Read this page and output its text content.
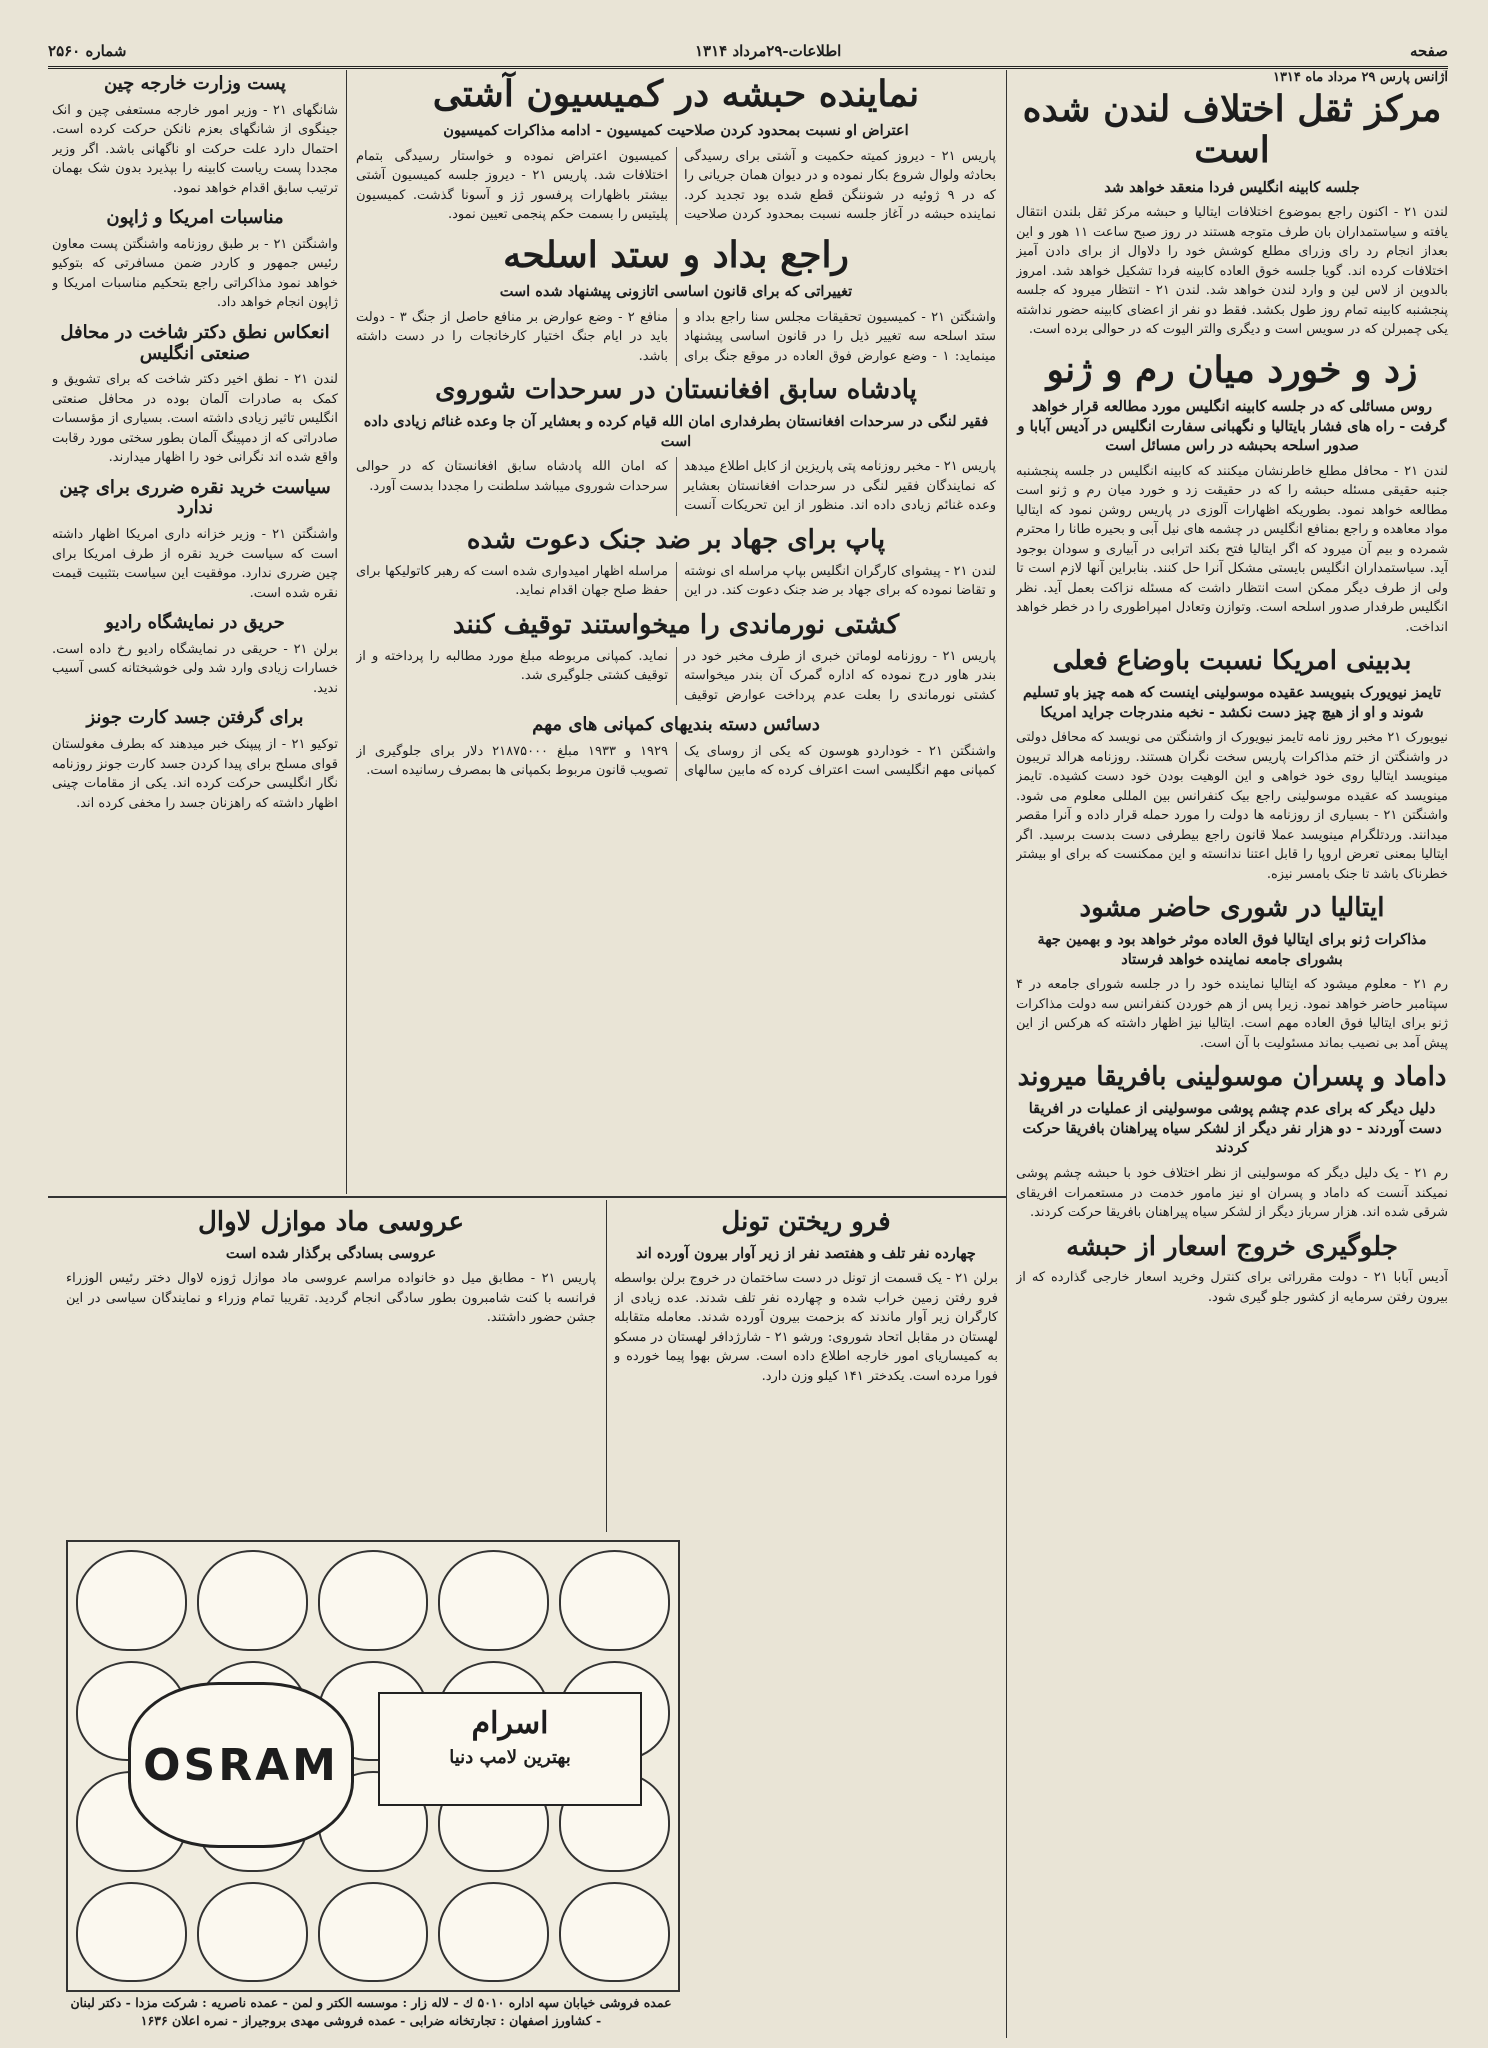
صفحه
اطلاعات-۲۹مرداد ۱۳۱۴
شماره ۲۵۶۰
آژانس پارس ۲۹ مرداد ماه ۱۳۱۴
مرکز ثقل اختلاف لندن شده است
جلسه کابینه انگلیس فردا منعقد خواهد شد

لندن ۲۱ - اکنون راجع بموضوع اختلافات ایتالیا و حبشه مرکز ثقل بلندن انتقال یافته و سیاستمداران بان طرف متوجه هستند در روز صبح ساعت ۱۱ هور و این بعداز انجام رد رای وزرای مطلع کوشش خود را دلاوال از برای دادن آمیز اختلافات کرده اند. گویا جلسه خوق العاده کابینه فردا تشکیل خواهد شد. امروز بالدوین از لاس لین و وارد لندن خواهد شد. لندن ۲۱ - انتظار میرود که جلسه پنجشنبه کابینه تمام روز طول بکشد. فقط دو نفر از اعضای کابینه حضور نداشته یکی چمبرلن که در سویس است و دیگری والتر الیوت که در حوالی برده است.

زد و خورد میان رم و ژنو
روس مسائلی که در جلسه کابینه انگلیس مورد مطالعه قرار خواهد گرفت - راه های فشار بایتالیا و نگهبانی سفارت انگلیس در آدیس آبابا و صدور اسلحه بحبشه در راس مسائل است

لندن ۲۱ - محافل مطلع خاطرنشان میکنند که کابینه انگلیس در جلسه پنجشنبه جنبه حقیقی مسئله حبشه را که در حقیقت زد و خورد میان رم و ژنو است مطالعه خواهد نمود. بطوریکه اظهارات آلوزی در پاریس روشن نمود که ایتالیا مواد معاهده و راجع بمنافع انگلیس در چشمه های نیل آبی و بحیره طانا را محترم شمرده و بیم آن میرود که اگر ایتالیا فتح بکند اترابی در آبیاری و سودان بوجود آید. سیاستمداران انگلیس بایستی مشکل آنرا حل کنند. بنابراین آنها لازم است تا ولی از طرف دیگر ممکن است انتظار داشت که مسئله نزاکت بعمل آید. نظر انگلیس طرفدار صدور اسلحه است. وتوازن وتعادل امپراطوری را در خطر خواهد انداخت.

بدبینی امریکا نسبت باوضاع فعلی
تایمز نیویورک بنیویسد عقیده موسولینی اینست که همه چیز باو تسلیم شوند و او از هیچ چیز دست نکشد - نخبه مندرجات جراید امریکا

نیویورک ۲۱ مخبر روز نامه تایمز نیویورک از واشنگتن می نویسد که محافل دولتی در واشنگتن از ختم مذاکرات پاریس سخت نگران هستند. روزنامه هرالد تریبون مینویسد ایتالیا روی خود خواهی و این الوهیت بودن خود دست کشیده. تایمز مینویسد که عقیده موسولینی راجع بیک کنفرانس بین المللی معلوم می شود. واشنگتن ۲۱ - بسیاری از روزنامه ها دولت را مورد حمله قرار داده و آنرا مقصر میدانند. وردتلگرام مینویسد عملا قانون راجع بیطرفی دست بدست برسید. اگر ایتالیا بمعنی تعرض اروپا را قابل اعتنا ندانسته و این ممکنست که برای او بیشتر خطرناک باشد تا جنک بامسر نیزه.

ایتالیا در شوری حاضر مشود
مذاکرات ژنو برای ایتالیا فوق العاده موثر خواهد بود و بهمین جهة بشورای جامعه نماینده خواهد فرستاد

رم ۲۱ - معلوم میشود که ایتالیا نماینده خود را در جلسه شورای جامعه در ۴ سپتامبر حاضر خواهد نمود. زیرا پس از هم خوردن کنفرانس سه دولت مذاکرات ژنو برای ایتالیا فوق العاده مهم است. ایتالیا نیز اظهار داشته که هرکس از این پیش آمد بی نصیب بماند مسئولیت با آن است.

داماد و پسران موسولینی بافریقا میروند
دلیل دیگر که برای عدم چشم پوشی موسولینی از عملیات در افریقا دست آوردند - دو هزار نفر دیگر از لشکر سیاه پیراهنان بافریقا حرکت کردند

رم ۲۱ - یک دلیل دیگر که موسولینی از نظر اختلاف خود با حبشه چشم پوشی نمیکند آنست که داماد و پسران او نیز مامور خدمت در مستعمرات افریقای شرقی شده اند. هزار سرباز دیگر از لشکر سیاه پیراهنان بافریقا حرکت کردند.

جلوگیری خروج اسعار از حبشه

آدیس آبابا ۲۱ - دولت مقرراتی برای کنترل وخرید اسعار خارجی گذارده که از بیرون رفتن سرمایه از کشور جلو گیری شود.

نماینده حبشه در کمیسیون آشتی
اعتراض او نسبت بمحدود کردن صلاحیت کمیسیون - ادامه مذاکرات کمیسیون

پاریس ۲۱ - دیروز کمیته حکمیت و آشتی برای رسیدگی بحادثه ولوال شروع بکار نموده و در دیوان همان جریانی را که در ۹ ژوئیه در شوننگن قطع شده بود تجدید کرد. نماینده حبشه در آغاز جلسه نسبت بمحدود کردن صلاحیت کمیسیون اعتراض نموده و خواستار رسیدگی بتمام اختلافات شد. پاریس ۲۱ - دیروز جلسه کمیسیون آشتی بیشتر باظهارات پرفسور ژز و آسونا گذشت. کمیسیون پلیتیس را بسمت حکم پنجمی تعیین نمود.

راجع بداد و ستد اسلحه
تغییراتی که برای قانون اساسی اتازونی پیشنهاد شده است

واشنگتن ۲۱ - کمیسیون تحقیقات مجلس سنا راجع بداد و ستد اسلحه سه تغییر ذیل را در قانون اساسی پیشنهاد مینماید: ۱ - وضع عوارض فوق العاده در موقع جنگ برای منافع ۲ - وضع عوارض بر منافع حاصل از جنگ ۳ - دولت باید در ایام جنگ اختیار کارخانجات را در دست داشته باشد.

پادشاه سابق افغانستان در سرحدات شوروی
فقیر لنگی در سرحدات افغانستان بطرفداری امان الله قیام کرده و بعشایر آن جا وعده غنائم زیادی داده است

پاریس ۲۱ - مخبر روزنامه پتی پاریزین از کابل اطلاع میدهد که نمایندگان فقیر لنگی در سرحدات افغانستان بعشایر وعده غنائم زیادی داده اند. منظور از این تحریکات آنست که امان الله پادشاه سابق افغانستان که در حوالی سرحدات شوروی میباشد سلطنت را مجددا بدست آورد.

پاپ برای جهاد بر ضد جنک دعوت شده

لندن ۲۱ - پیشوای کارگران انگلیس بپاپ مراسله ای نوشته و تقاضا نموده که برای جهاد بر ضد جنک دعوت کند. در این مراسله اظهار امیدواری شده است که رهبر کاتولیکها برای حفظ صلح جهان اقدام نماید.

کشتی نورماندی را میخواستند توقیف کنند

پاریس ۲۱ - روزنامه لوماتن خبری از طرف مخبر خود در بندر هاور درج نموده که اداره گمرک آن بندر میخواسته کشتی نورماندی را بعلت عدم پرداخت عوارض توقیف نماید. کمپانی مربوطه مبلغ مورد مطالبه را پرداخته و از توقیف کشتی جلوگیری شد.

دسائس دسته بندیهای کمپانی های مهم

واشنگتن ۲۱ - خوداردو هوسون که یکی از روسای یک کمپانی مهم انگلیسی است اعتراف کرده که مابین سالهای ۱۹۲۹ و ۱۹۳۳ مبلغ ۲۱۸۷۵۰۰۰ دلار برای جلوگیری از تصویب قانون مربوط بکمپانی ها بمصرف رسانیده است.

پست وزارت خارجه چین

شانگهای ۲۱ - وزیر امور خارجه مستعفی چین و انک جینگوی از شانگهای بعزم نانکن حرکت کرده است. احتمال دارد علت حرکت او ناگهانی باشد. اگر وزیر مجددا پست ریاست کابینه را بپذیرد بدون شک بهمان ترتیب سابق اقدام خواهد نمود.

مناسبات امریکا و ژاپون

واشنگتن ۲۱ - بر طبق روزنامه واشنگتن پست معاون رئیس جمهور و کاردر ضمن مسافرتی که بتوکیو خواهد نمود مذاکراتی راجع بتحکیم مناسبات امریکا و ژاپون انجام خواهد داد.

انعکاس نطق دکتر شاخت در محافل صنعتی انگلیس

لندن ۲۱ - نطق اخیر دکتر شاخت که برای تشویق و کمک به صادرات آلمان بوده در محافل صنعتی انگلیس تاثیر زیادی داشته است. بسیاری از مؤسسات صادراتی که از دمپینگ آلمان بطور سختی مورد رقابت واقع شده اند نگرانی خود را اظهار میدارند.

سیاست خرید نقره ضرری برای چین ندارد

واشنگتن ۲۱ - وزیر خزانه داری امریکا اظهار داشته است که سیاست خرید نقره از طرف امریکا برای چین ضرری ندارد. موفقیت این سیاست بتثبیت قیمت نقره شده است.

حریق در نمایشگاه رادیو

برلن ۲۱ - حریقی در نمایشگاه رادیو رخ داده است. خسارات زیادی وارد شد ولی خوشبختانه کسی آسیب ندید.

برای گرفتن جسد کارت جونز

توکیو ۲۱ - از پیپنک خبر میدهند که بطرف مغولستان قوای مسلح برای پیدا کردن جسد کارت جونز روزنامه نگار انگلیسی حرکت کرده اند. یکی از مقامات چینی اظهار داشته که راهزنان جسد را مخفی کرده اند.

فرو ریختن تونل
چهارده نفر تلف و هفتصد نفر از زیر آوار بیرون آورده اند

برلن ۲۱ - یک قسمت از تونل در دست ساختمان در خروج برلن بواسطه فرو رفتن زمین خراب شده و چهارده نفر تلف شدند. عده زیادی از کارگران زیر آوار ماندند که بزحمت بیرون آورده شدند. معامله متقابله لهستان در مقابل اتحاد شوروی: ورشو ۲۱ - شارژدافر لهستان در مسکو به کمیساریای امور خارجه اطلاع داده است. سرش بهوا پیما خورده و فورا مرده است. یکدختر ۱۴۱ کیلو وزن دارد.

عروسی ماد موازل لاوال
عروسی بسادگی برگذار شده است

پاریس ۲۱ - مطابق میل دو خانواده مراسم عروسی ماد موازل ژوزه لاوال دختر رئیس الوزراء فرانسه با کنت شامبرون بطور سادگی انجام گردید. تقریبا تمام وزراء و نمایندگان سیاسی در این جشن حضور داشتند.

OSRAM
اسرام
بهترین لامپ دنیا
عمده فروشی خیابان سپه اداره ۵۰۱۰ ك - لاله زار : موسسه الکتر و لمن - عمده ناصریه : شرکت مزدا - دکتر لبنان - کشاورز اصفهان : تجارتخانه ضرابی - عمده فروشی مهدی بروجیراز - نمره اعلان ۱۶۳۶
